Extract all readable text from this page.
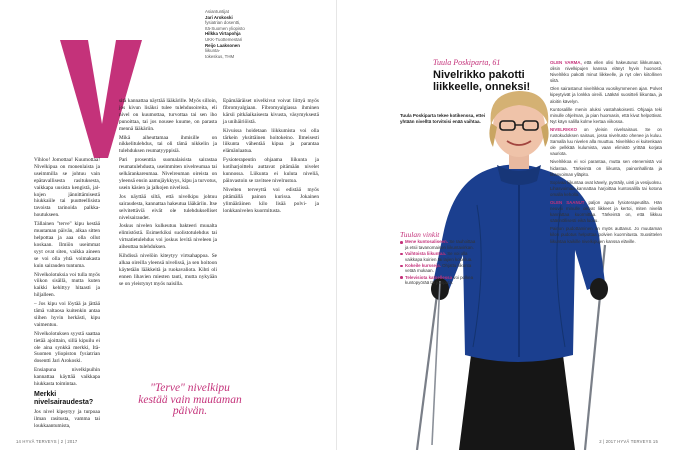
Asiantuntijat
Jari Arokoski
fysiatrian dosentti,
Itä-Suomen yliopisto
Hilkka Virtapohja
UKK-Tuottemestari
Reijo Laaksonen
liikunta-
tokeskus, THM

Vihloo! Jomottaa! Kuumottaa! Nivelkipua on monenlaista ja useimmilla se johtuu vain epätavallisesta rasituksesta, vaikkapa uusista kengistä, jalkojen jännittämisestä hiukkaiile tai puutteellisista tavoista tarinoida palkkahoutukseen.

Tällainen "terve" kipu kestää muutaman päivän, alkaa sitten helpottaa ja aaa olla ollut koskaan. Ilmiön useimmat syyt ovat siten, vaikka aineen se voi olla yhtä voimakasta kuin sairauden tuntuma.

Nivelkolotuksia voi tulla myös viikon sisällä, mutta kuten kaikki kehittyy hitaasti ja hiljalleen.

– Jos kipu voi löytää ja jättää tämä valtaosa kuitenkin antaa siihen hyvin herkästi, kipu vaimentuu.

Nivelkolotuksen syystä saattaa tietää ajoittain, sillä kipuilu ei ole aina synkkä merkki, Itä-Suomen yliopiston fysiatrian dosentti Jari Arokoski.

Ensiapuna nivelkipuihin kannattaa käyttää vaikkapa hiukkasta toimintaa.

Merkki nivelsairaudesta?

Jos nivel kipeytyy ja turpoaa ilman rasitusta, vamma tai loukkaantumista,

sitä kannattaa näyttää lääkärille. Myös silloin, jos kivun lisäksi tulee tulehdusoireita, eli nivel on kuumottaa, turvottaa tai sen iho punoittaa, tai jos nousee kuume, on parasta mennä lääkäriin.

Mikä aiheuttamaa ihmisille on nikkelitulehdus, tai oli tämä nikkelin ja tulehduksen reumatyyppisiä.

Pari prosenttia suomalaisista sairastaa reumatulehdusta, useimmiten nivelreumaa tai selkärankareumaa. Nivelreuman oireista on yleensä ensin aamujäykkyys, kipu ja turvotus, usein käsien ja jalkojen nivelissä.

Jos näyttää siltä, että nivelkipu johtuu sairaudesta, kannattaa hakeutua lääkäriin. Itse selvitettäviä eivät ole tulehdukselliset nivelsairaudet.

Joskus nivelen kulkeutuu bakteeri muualta elimistöstä. Esimerkiksi suolistotulehdus tai virtsatietulehdus voi joskus levitä niveleen ja aiheuttaa tulehduksen.

Kihdissä nivelöin kiteytyy virtsahappoa. Se alkaa oireilla yleensä nivelissä, ja sen hoitoon käytetään lääkkeitä ja ruokavaliota. Kihti oli ennen lihavien miesten tauti, mutta nykyään se on yleistynyt myös naisilla.

Epämääräiset nivelkivut voivat liittyä myös fibromyalgiaan. Fibromyalgiassa ihminen kärsii pitkäaikaisesta kivusta, väsymyksestä ja unihäiriöistä.

Kivuissa hoidetaan liikkumista voi olla tärkein yksittäinen hoitokeino. Ilmeisesti liikunta vähentää kipua ja parantaa elämänlaatua.

Fysioterapeutin ohjaama liikunta ja kotiharjoittelu auttavat pitämään nivelet kunnossa. Liikunta ei kuluta niveliä, päinvastoin se ravitsee nivelrustoa.

Nivelten terveyttä voi edistää myös pitämällä painon kurissa. Jokainen ylimääräinen kilo lisää polvi- ja lonkkanivelen kuormitusta.

"Terve" nivelkipu kestää vain muutaman päivän.
14 HYVÄ TERVEYS | 2 | 2017
Tuula Poskiparta, 61
Nivelrikko pakotti liikkeelle, onneksi!
Tuula Poskiparta tekee kotikenssa, ettei yhtään nivelltä torvitsisi enää vaihtaa.
Tuulan vinkit
Mene kuntosaliseen. Se rauhoittaa ja etsii tavanomaisen liikuntavirkan.
Vaihtoista liikuntaa. Se voi olla vaikkapa koirien tai lajien kokeilua.
Kokeile kursseja. Ohjattu liikunta vetää mukaan.
Televisiota katsellessa voi polkea kuntopyörää tai jumpata.

OLEN VARMA, että ellen olisi hakeutunut liikkumaan, olisin nivelkipujen kanssa elänyt hyvin huonosti. Nivelrikko pakotti minut liikkeelle, ja nyt olen kiitollinen siitä.

Olen sairastanut nivelrikkoa vuosikymmenen ajan. Polvet kipeytyivät ja lonkka oireili. Lääkäri suositteli liikuntaa, ja aloitin kävelyn.

Kuntosalille menin aluksi vastahakoisesti. Ohjaaja teki minulle ohjelman, ja pian huomasin, että kivut helpottivat. Nyt käyn salilla kolme kertaa viikossa.

NIVELRIKKO on yleisin nivelsairaus. Se on rustokudoksen sairaus, jossa nivelrusto ohenee ja kuluu. Samalla luu nivelen alla muuttuu. Nivelrikko ei kuitenkaan ole pelkkää kulumista, vaan elimistö yrittää korjata vauriota.

Nivelrikkoa ei voi parantaa, mutta sen etenemistä voi hidastaa. Tärkeintä on liikunta, painonhallinta ja lihasvoiman ylläpito.

Sopivaa liikuntaa ovat kävely, pyöräily, uinti ja vesijuoksu. Lihasvoimaa kannattaa harjoittaa kuntosalilla tai kotona omalla keholla.

OLEN SAANUT paljon apua fysioterapeutilta. Hän neuvoi minulle oikeat liikkeet ja kertoi, miten niveliä kannattaa kuormittaa. Tärkeintä on, että liikkuu säännöllisesti eikä luovu.

Painon pudottaminen on myös auttanut. Jo muutaman kilon pudotus helpottaa polvien kuormitusta. Suosittelen liikuntaa kaikille nivelkipujen kanssa eläville.

2 | 2017 HYVÄ TERVEYS 15
